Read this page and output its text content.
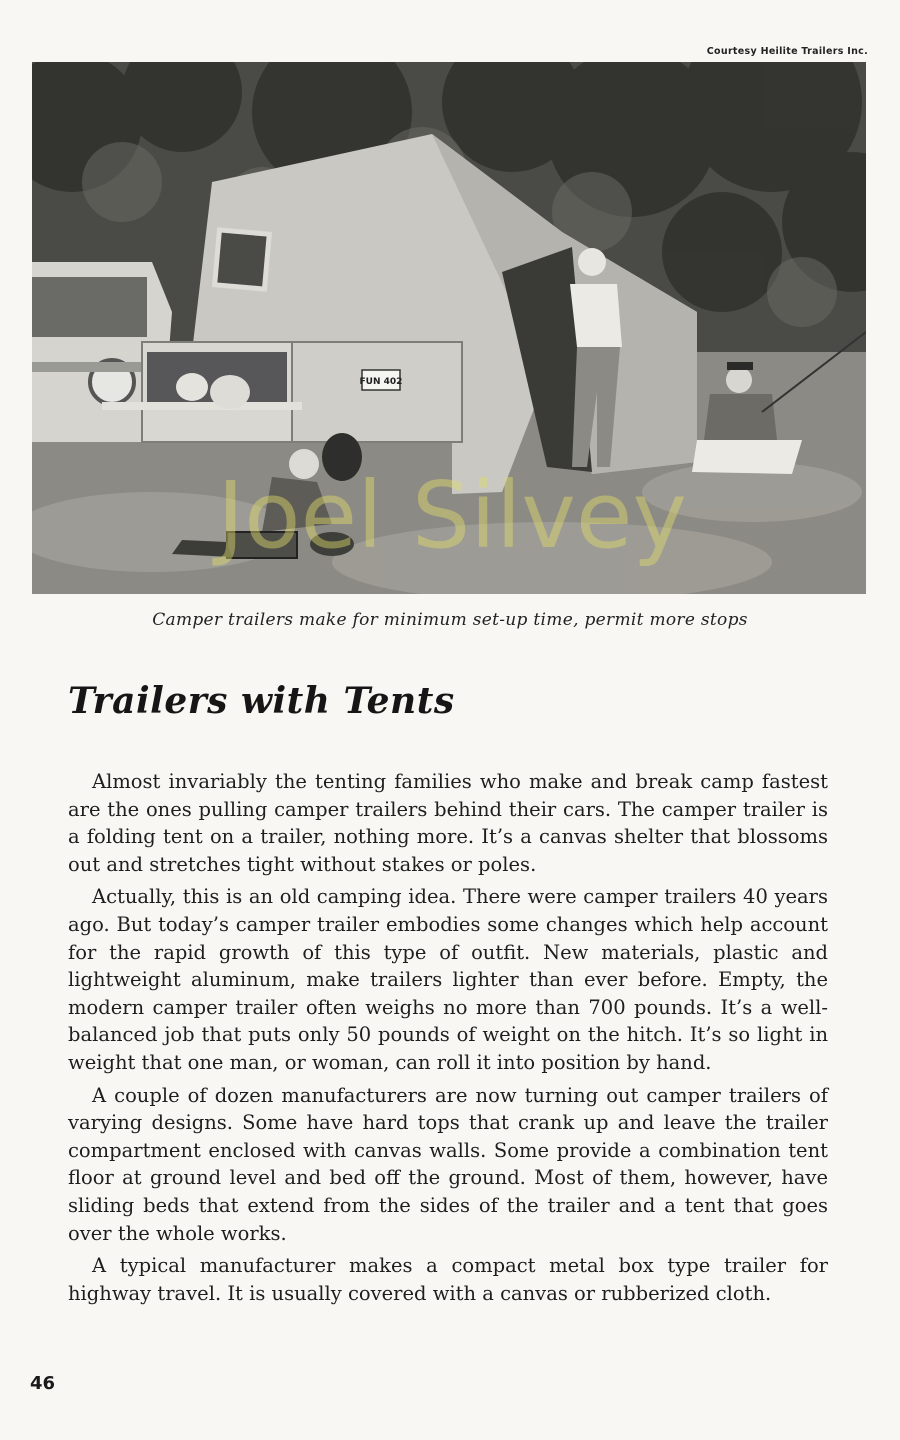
Courtesy Heilite Trailers Inc.
FUN 402
Joel Silvey
Camper trailers make for minimum set-up time, permit more stops
Trailers with Tents

Almost invariably the tenting families who make and break camp fastest are the ones pulling camper trailers behind their cars. The camper trailer is a folding tent on a trailer, nothing more. It’s a canvas shelter that blossoms out and stretches tight without stakes or poles.

Actually, this is an old camping idea. There were camper trailers 40 years ago. But today’s camper trailer embodies some changes which help account for the rapid growth of this type of outfit. New materials, plastic and lightweight aluminum, make trailers lighter than ever before. Empty, the modern camper trailer often weighs no more than 700 pounds. It’s a well-balanced job that puts only 50 pounds of weight on the hitch. It’s so light in weight that one man, or woman, can roll it into position by hand.

A couple of dozen manufacturers are now turning out camper trailers of varying designs. Some have hard tops that crank up and leave the trailer compartment enclosed with canvas walls. Some provide a combination tent floor at ground level and bed off the ground. Most of them, however, have sliding beds that extend from the sides of the trailer and a tent that goes over the whole works.

A typical manufacturer makes a compact metal box type trailer for highway travel. It is usually covered with a canvas or rubberized cloth.

46
